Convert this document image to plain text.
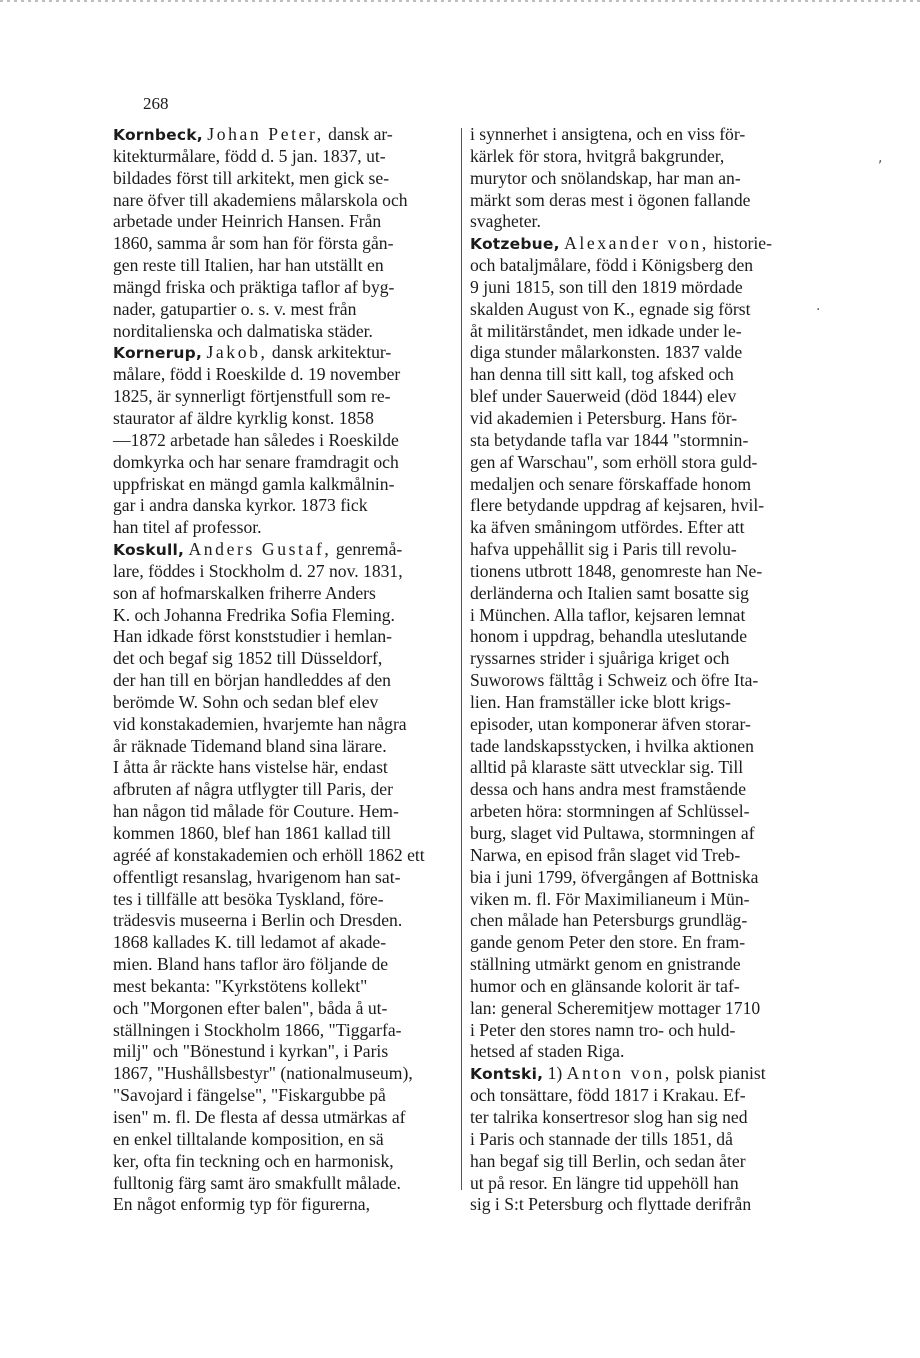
268
Kornbeck, Johan Peter, dansk ar-
kitekturmålare, född d. 5 jan. 1837, ut-
bildades först till arkitekt, men gick se-
nare öfver till akademiens målarskola och
arbetade under Heinrich Hansen. Från
1860, samma år som han för första gån-
gen reste till Italien, har han utställt en
mängd friska och präktiga taflor af byg-
nader, gatupartier o. s. v. mest från
norditalienska och dalmatiska städer.
Kornerup, Jakob, dansk arkitektur-
målare, född i Roeskilde d. 19 november
1825, är synnerligt förtjenstfull som re-
staurator af äldre kyrklig konst. 1858
—1872 arbetade han således i Roeskilde
domkyrka och har senare framdragit och
uppfriskat en mängd gamla kalkmålnin-
gar i andra danska kyrkor. 1873 fick
han titel af professor.
Koskull, Anders Gustaf, genremå-
lare, föddes i Stockholm d. 27 nov. 1831,
son af hofmarskalken friherre Anders
K. och Johanna Fredrika Sofia Fleming.
Han idkade först konststudier i hemlan-
det och begaf sig 1852 till Düsseldorf,
der han till en början handleddes af den
berömde W. Sohn och sedan blef elev
vid konstakademien, hvarjemte han några
år räknade Tidemand bland sina lärare.
I åtta år räckte hans vistelse här, endast
afbruten af några utflygter till Paris, der
han någon tid målade för Couture. Hem-
kommen 1860, blef han 1861 kallad till
agréé af konstakademien och erhöll 1862 ett
offentligt resanslag, hvarigenom han sat-
tes i tillfälle att besöka Tyskland, före-
trädesvis museerna i Berlin och Dresden.
1868 kallades K. till ledamot af akade-
mien. Bland hans taflor äro följande de
mest bekanta: "Kyrkstötens kollekt"
och "Morgonen efter balen", båda å ut-
ställningen i Stockholm 1866, "Tiggarfa-
milj" och "Bönestund i kyrkan", i Paris
1867, "Hushållsbestyr" (nationalmuseum),
"Savojard i fängelse", "Fiskargubbe på
isen" m. fl. De flesta af dessa utmärkas af
en enkel tilltalande komposition, en sä
ker, ofta fin teckning och en harmonisk,
fulltonig färg samt äro smakfullt målade.
En något enformig typ för figurerna,
i synnerhet i ansigtena, och en viss för-
kärlek för stora, hvitgrå bakgrunder,
murytor och snölandskap, har man an-
märkt som deras mest i ögonen fallande
svagheter.
Kotzebue, Alexander von, historie-
och bataljmålare, född i Königsberg den
9 juni 1815, son till den 1819 mördade
skalden August von K., egnade sig först
åt militärståndet, men idkade under le-
diga stunder målarkonsten. 1837 valde
han denna till sitt kall, tog afsked och
blef under Sauerweid (död 1844) elev
vid akademien i Petersburg. Hans för-
sta betydande tafla var 1844 "stormnin-
gen af Warschau", som erhöll stora guld-
medaljen och senare förskaffade honom
flere betydande uppdrag af kejsaren, hvil-
ka äfven småningom utfördes. Efter att
hafva uppehållit sig i Paris till revolu-
tionens utbrott 1848, genomreste han Ne-
derländerna och Italien samt bosatte sig
i München. Alla taflor, kejsaren lemnat
honom i uppdrag, behandla uteslutande
ryssarnes strider i sjuåriga kriget och
Suworows fälttåg i Schweiz och öfre Ita-
lien. Han framställer icke blott krigs-
episoder, utan komponerar äfven storar-
tade landskapsstycken, i hvilka aktionen
alltid på klaraste sätt utvecklar sig. Till
dessa och hans andra mest framstående
arbeten höra: stormningen af Schlüssel-
burg, slaget vid Pultawa, stormningen af
Narwa, en episod från slaget vid Treb-
bia i juni 1799, öfvergången af Bottniska
viken m. fl. För Maximilianeum i Mün-
chen målade han Petersburgs grundläg-
gande genom Peter den store. En fram-
ställning utmärkt genom en gnistrande
humor och en glänsande kolorit är taf-
lan: general Scheremitjew mottager 1710
i Peter den stores namn tro- och huld-
hetsed af staden Riga.
Kontski, 1) Anton von, polsk pianist
och tonsättare, född 1817 i Krakau. Ef-
ter talrika konsertresor slog han sig ned
i Paris och stannade der tills 1851, då
han begaf sig till Berlin, och sedan åter
ut på resor. En längre tid uppehöll han
sig i S:t Petersburg och flyttade derifrån
,
·
